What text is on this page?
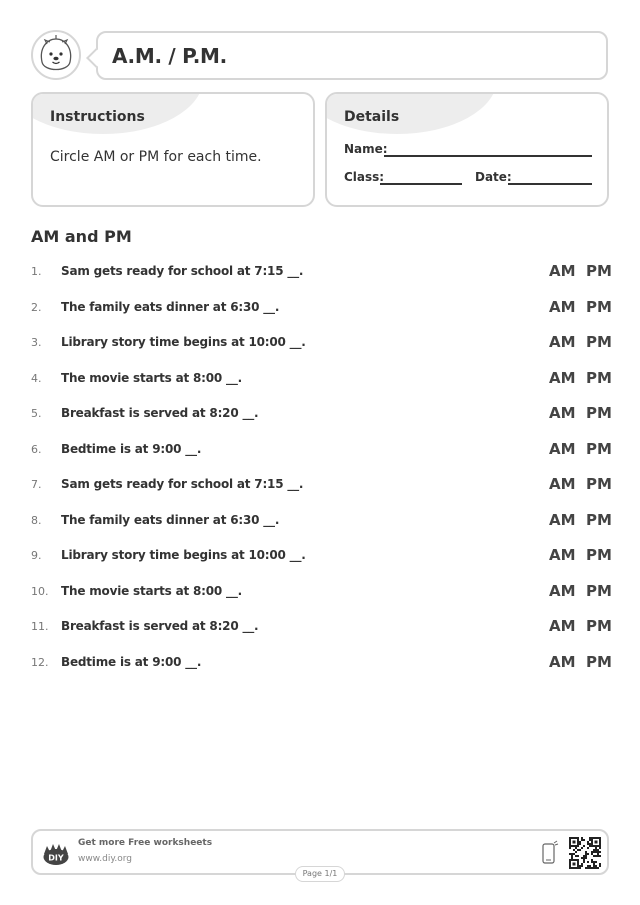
A.M. / P.M.
Instructions
Circle AM or PM for each time.
Details
Name:
Class:	Date:
AM and PM
1. Sam gets ready for school at 7:15 __.	AM PM
2. The family eats dinner at 6:30 __.	AM PM
3. Library story time begins at 10:00 __.	AM PM
4. The movie starts at 8:00 __.	AM PM
5. Breakfast is served at 8:20 __.	AM PM
6. Bedtime is at 9:00 __.	AM PM
7. Sam gets ready for school at 7:15 __.	AM PM
8. The family eats dinner at 6:30 __.	AM PM
9. Library story time begins at 10:00 __.	AM PM
10. The movie starts at 8:00 __.	AM PM
11. Breakfast is served at 8:20 __.	AM PM
12. Bedtime is at 9:00 __.	AM PM
DIY
Get more Free worksheets
www.diy.org
Page 1/1
